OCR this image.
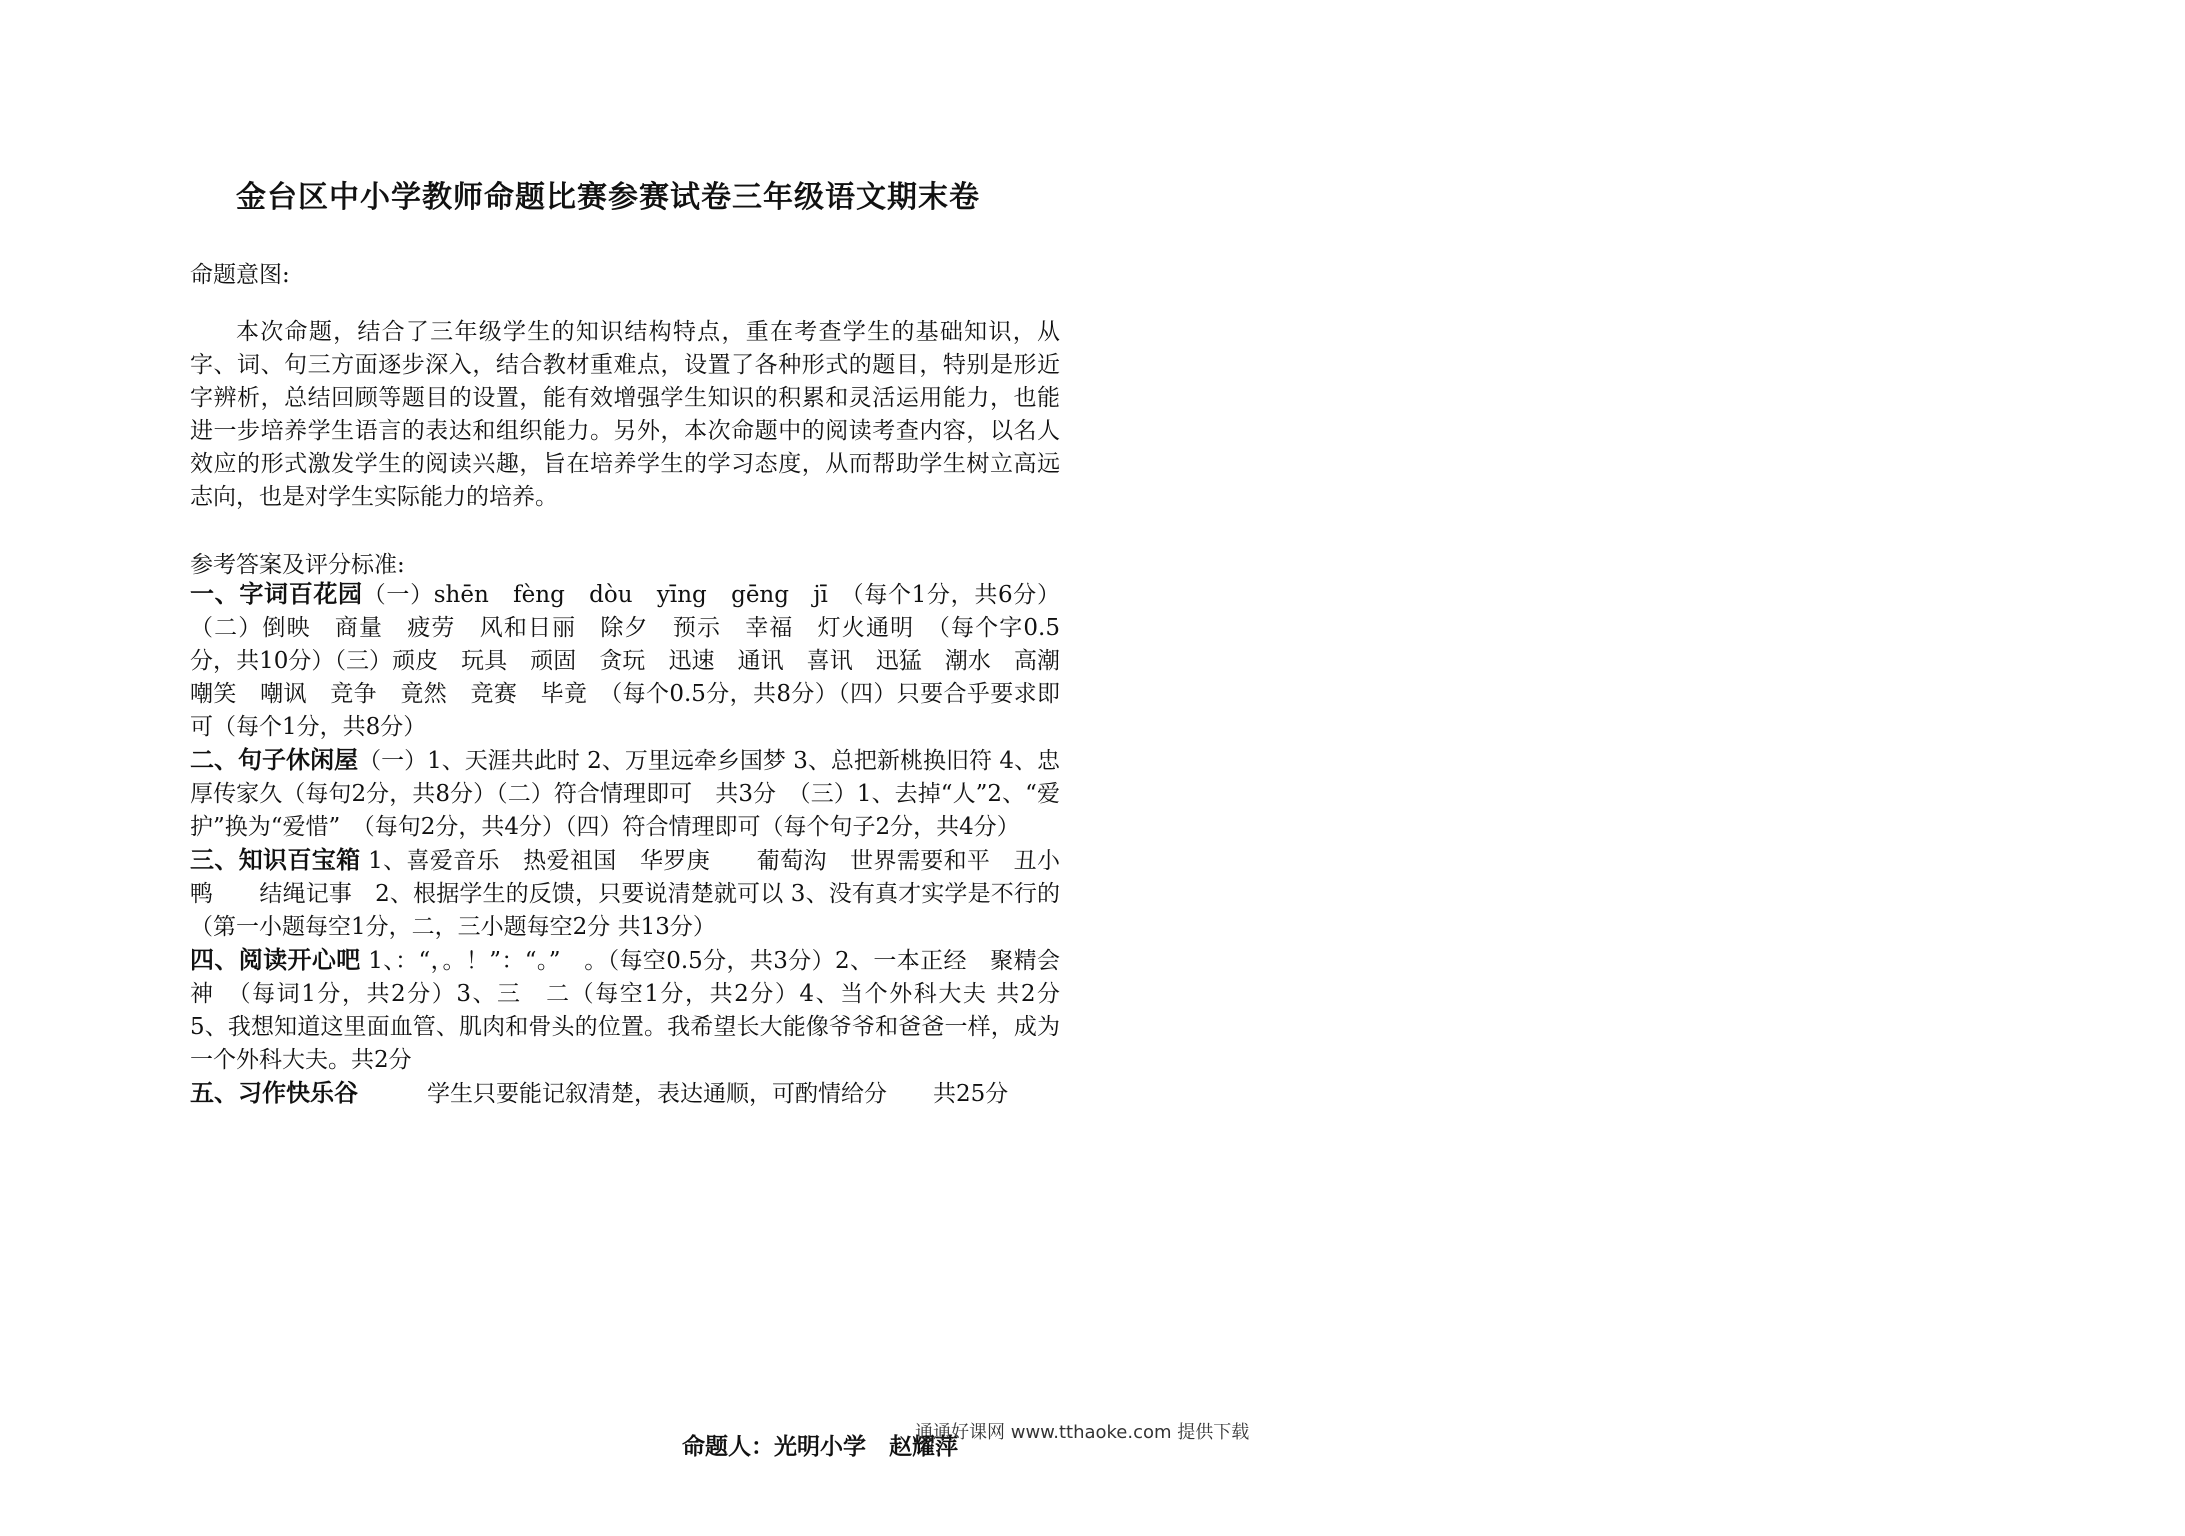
金台区中小学教师命题比赛参赛试卷三年级语文期末卷

命题意图:

本次命题，结合了三年级学生的知识结构特点，重在考查学生的基础知识，从字、词、句三方面逐步深入，结合教材重难点，设置了各种形式的题目，特别是形近字辨析，总结回顾等题目的设置，能有效增强学生知识的积累和灵活运用能力，也能进一步培养学生语言的表达和组织能力。另外，本次命题中的阅读考查内容，以名人效应的形式激发学生的阅读兴趣，旨在培养学生的学习态度，从而帮助学生树立高远志向，也是对学生实际能力的培养。

参考答案及评分标准:

一、字词百花园（一）shēn　fèng　dòu　yīng　gēng　jī　（每个1分，共6分）（二）倒映　商量　疲劳　风和日丽　除夕　预示　幸福　灯火通明　（每个字0.5分，共10分）（三）顽皮　玩具　顽固　贪玩　迅速　通讯　喜讯　迅猛　潮水　高潮　嘲笑　嘲讽　竞争　竟然　竞赛　毕竟　（每个0.5分，共8分）（四）只要合乎要求即可（每个1分，共8分）
二、句子休闲屋（一）1、天涯共此时 2、万里远牵乡国梦 3、总把新桃换旧符 4、忠厚传家久（每句2分，共8分）（二）符合情理即可　共3分　（三）1、去掉“人”2、“爱护”换为“爱惜”　（每句2分，共4分）（四）符合情理即可（每个句子2分，共4分）
三、知识百宝箱 1、喜爱音乐　热爱祖国　华罗庚　　葡萄沟　世界需要和平　丑小鸭　　结绳记事　2、根据学生的反馈，只要说清楚就可以 3、没有真才实学是不行的（第一小题每空1分，二，三小题每空2分 共13分）
四、阅读开心吧 1、：“，。！”：“。”　。（每空0.5分，共3分）2、一本正经　聚精会神　（每词1分，共2分）3、三　二（每空1分，共2分）4、当个外科大夫 共2分　5、我想知道这里面血管、肌肉和骨头的位置。我希望长大能像爷爷和爸爸一样，成为一个外科大夫。共2分
五、习作快乐谷　　　学生只要能记叙清楚，表达通顺，可酌情给分　　共25分

命题人：光明小学　赵耀萍

通通好课网 www.tthaoke.com 提供下载
